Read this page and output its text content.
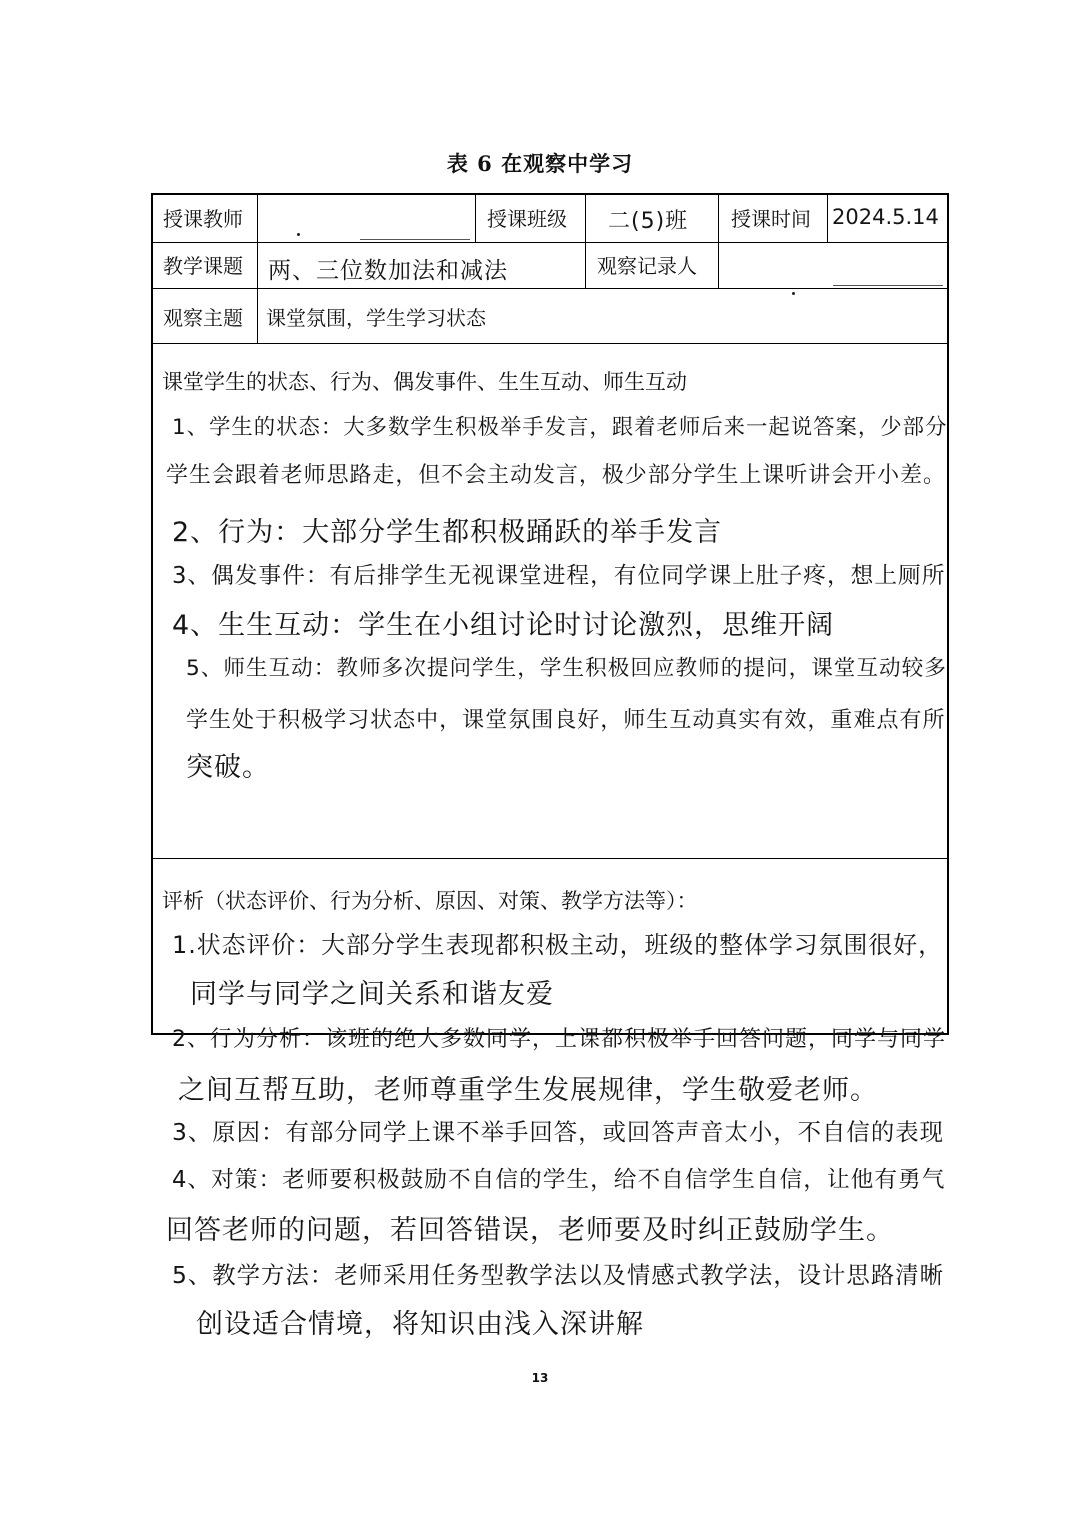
表 6 在观察中学习
授课教师	授课班级 二(5)班 授课时间 2024.5.14
教学课题 两、三位数加法和减法	观察记录人
观察主题 课堂氛围，学生学习状态
课堂学生的状态、行为、偶发事件、生生互动、师生互动
1、学生的状态：大多数学生积极举手发言，跟着老师后来一起说答案，少部分
学生会跟着老师思路走，但不会主动发言，极少部分学生上课听讲会开小差。
2、行为：大部分学生都积极踊跃的举手发言
3、偶发事件：有后排学生无视课堂进程，有位同学课上肚子疼，想上厕所
4、生生互动：学生在小组讨论时讨论激烈，思维开阔
5、师生互动：教师多次提问学生，学生积极回应教师的提问，课堂互动较多
学生处于积极学习状态中，课堂氛围良好，师生互动真实有效，重难点有所
突破。
评析（状态评价、行为分析、原因、对策、教学方法等）：
1.状态评价：大部分学生表现都积极主动，班级的整体学习氛围很好，
同学与同学之间关系和谐友爱
2、行为分析：该班的绝大多数同学，上课都积极举手回答问题，同学与同学
之间互帮互助，老师尊重学生发展规律，学生敬爱老师。
3、原因：有部分同学上课不举手回答，或回答声音太小，不自信的表现
4、对策：老师要积极鼓励不自信的学生，给不自信学生自信，让他有勇气
回答老师的问题，若回答错误，老师要及时纠正鼓励学生。
5、教学方法：老师采用任务型教学法以及情感式教学法，设计思路清晰
创设适合情境，将知识由浅入深讲解
13
